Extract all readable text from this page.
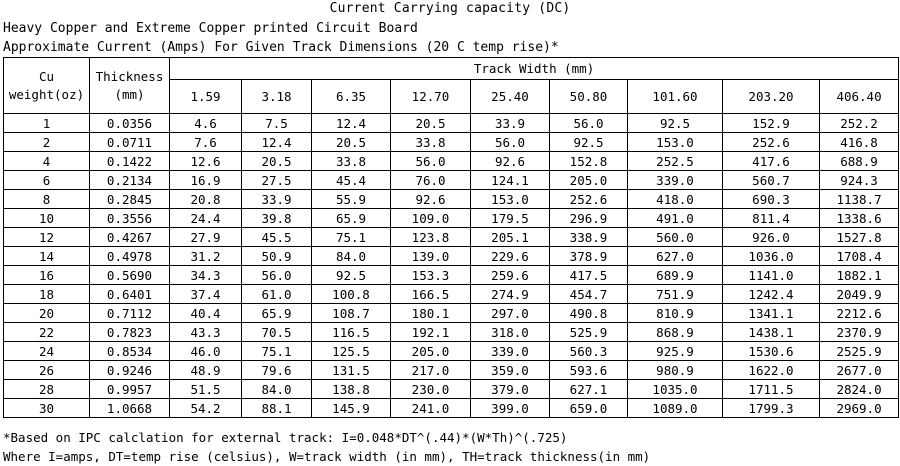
Current Carrying capacity (DC)
Heavy Copper and Extreme Copper printed Circuit Board
Approximate Current (Amps) For Given Track Dimensions (20 C temp rise)*
Cu weight(oz)	Thickness (mm)	Track Width (mm)								
		1.59	3.18	6.35	12.70	25.40	50.80	101.60	203.20	406.40
1	0.0356	4.6	7.5	12.4	20.5	33.9	56.0	92.5	152.9	252.2
2	0.0711	7.6	12.4	20.5	33.8	56.0	92.5	153.0	252.6	416.8
4	0.1422	12.6	20.5	33.8	56.0	92.6	152.8	252.5	417.6	688.9
6	0.2134	16.9	27.5	45.4	76.0	124.1	205.0	339.0	560.7	924.3
8	0.2845	20.8	33.9	55.9	92.6	153.0	252.6	418.0	690.3	1138.7
10	0.3556	24.4	39.8	65.9	109.0	179.5	296.9	491.0	811.4	1338.6
12	0.4267	27.9	45.5	75.1	123.8	205.1	338.9	560.0	926.0	1527.8
14	0.4978	31.2	50.9	84.0	139.0	229.6	378.9	627.0	1036.0	1708.4
16	0.5690	34.3	56.0	92.5	153.3	259.6	417.5	689.9	1141.0	1882.1
18	0.6401	37.4	61.0	100.8	166.5	274.9	454.7	751.9	1242.4	2049.9
20	0.7112	40.4	65.9	108.7	180.1	297.0	490.8	810.9	1341.1	2212.6
22	0.7823	43.3	70.5	116.5	192.1	318.0	525.9	868.9	1438.1	2370.9
24	0.8534	46.0	75.1	125.5	205.0	339.0	560.3	925.9	1530.6	2525.9
26	0.9246	48.9	79.6	131.5	217.0	359.0	593.6	980.9	1622.0	2677.0
28	0.9957	51.5	84.0	138.8	230.0	379.0	627.1	1035.0	1711.5	2824.0
30	1.0668	54.2	88.1	145.9	241.0	399.0	659.0	1089.0	1799.3	2969.0
*Based on IPC calclation for external track: I=0.048*DT^(.44)*(W*Th)^(.725)
Where I=amps, DT=temp rise (celsius), W=track width (in mm), TH=track thickness(in mm)
